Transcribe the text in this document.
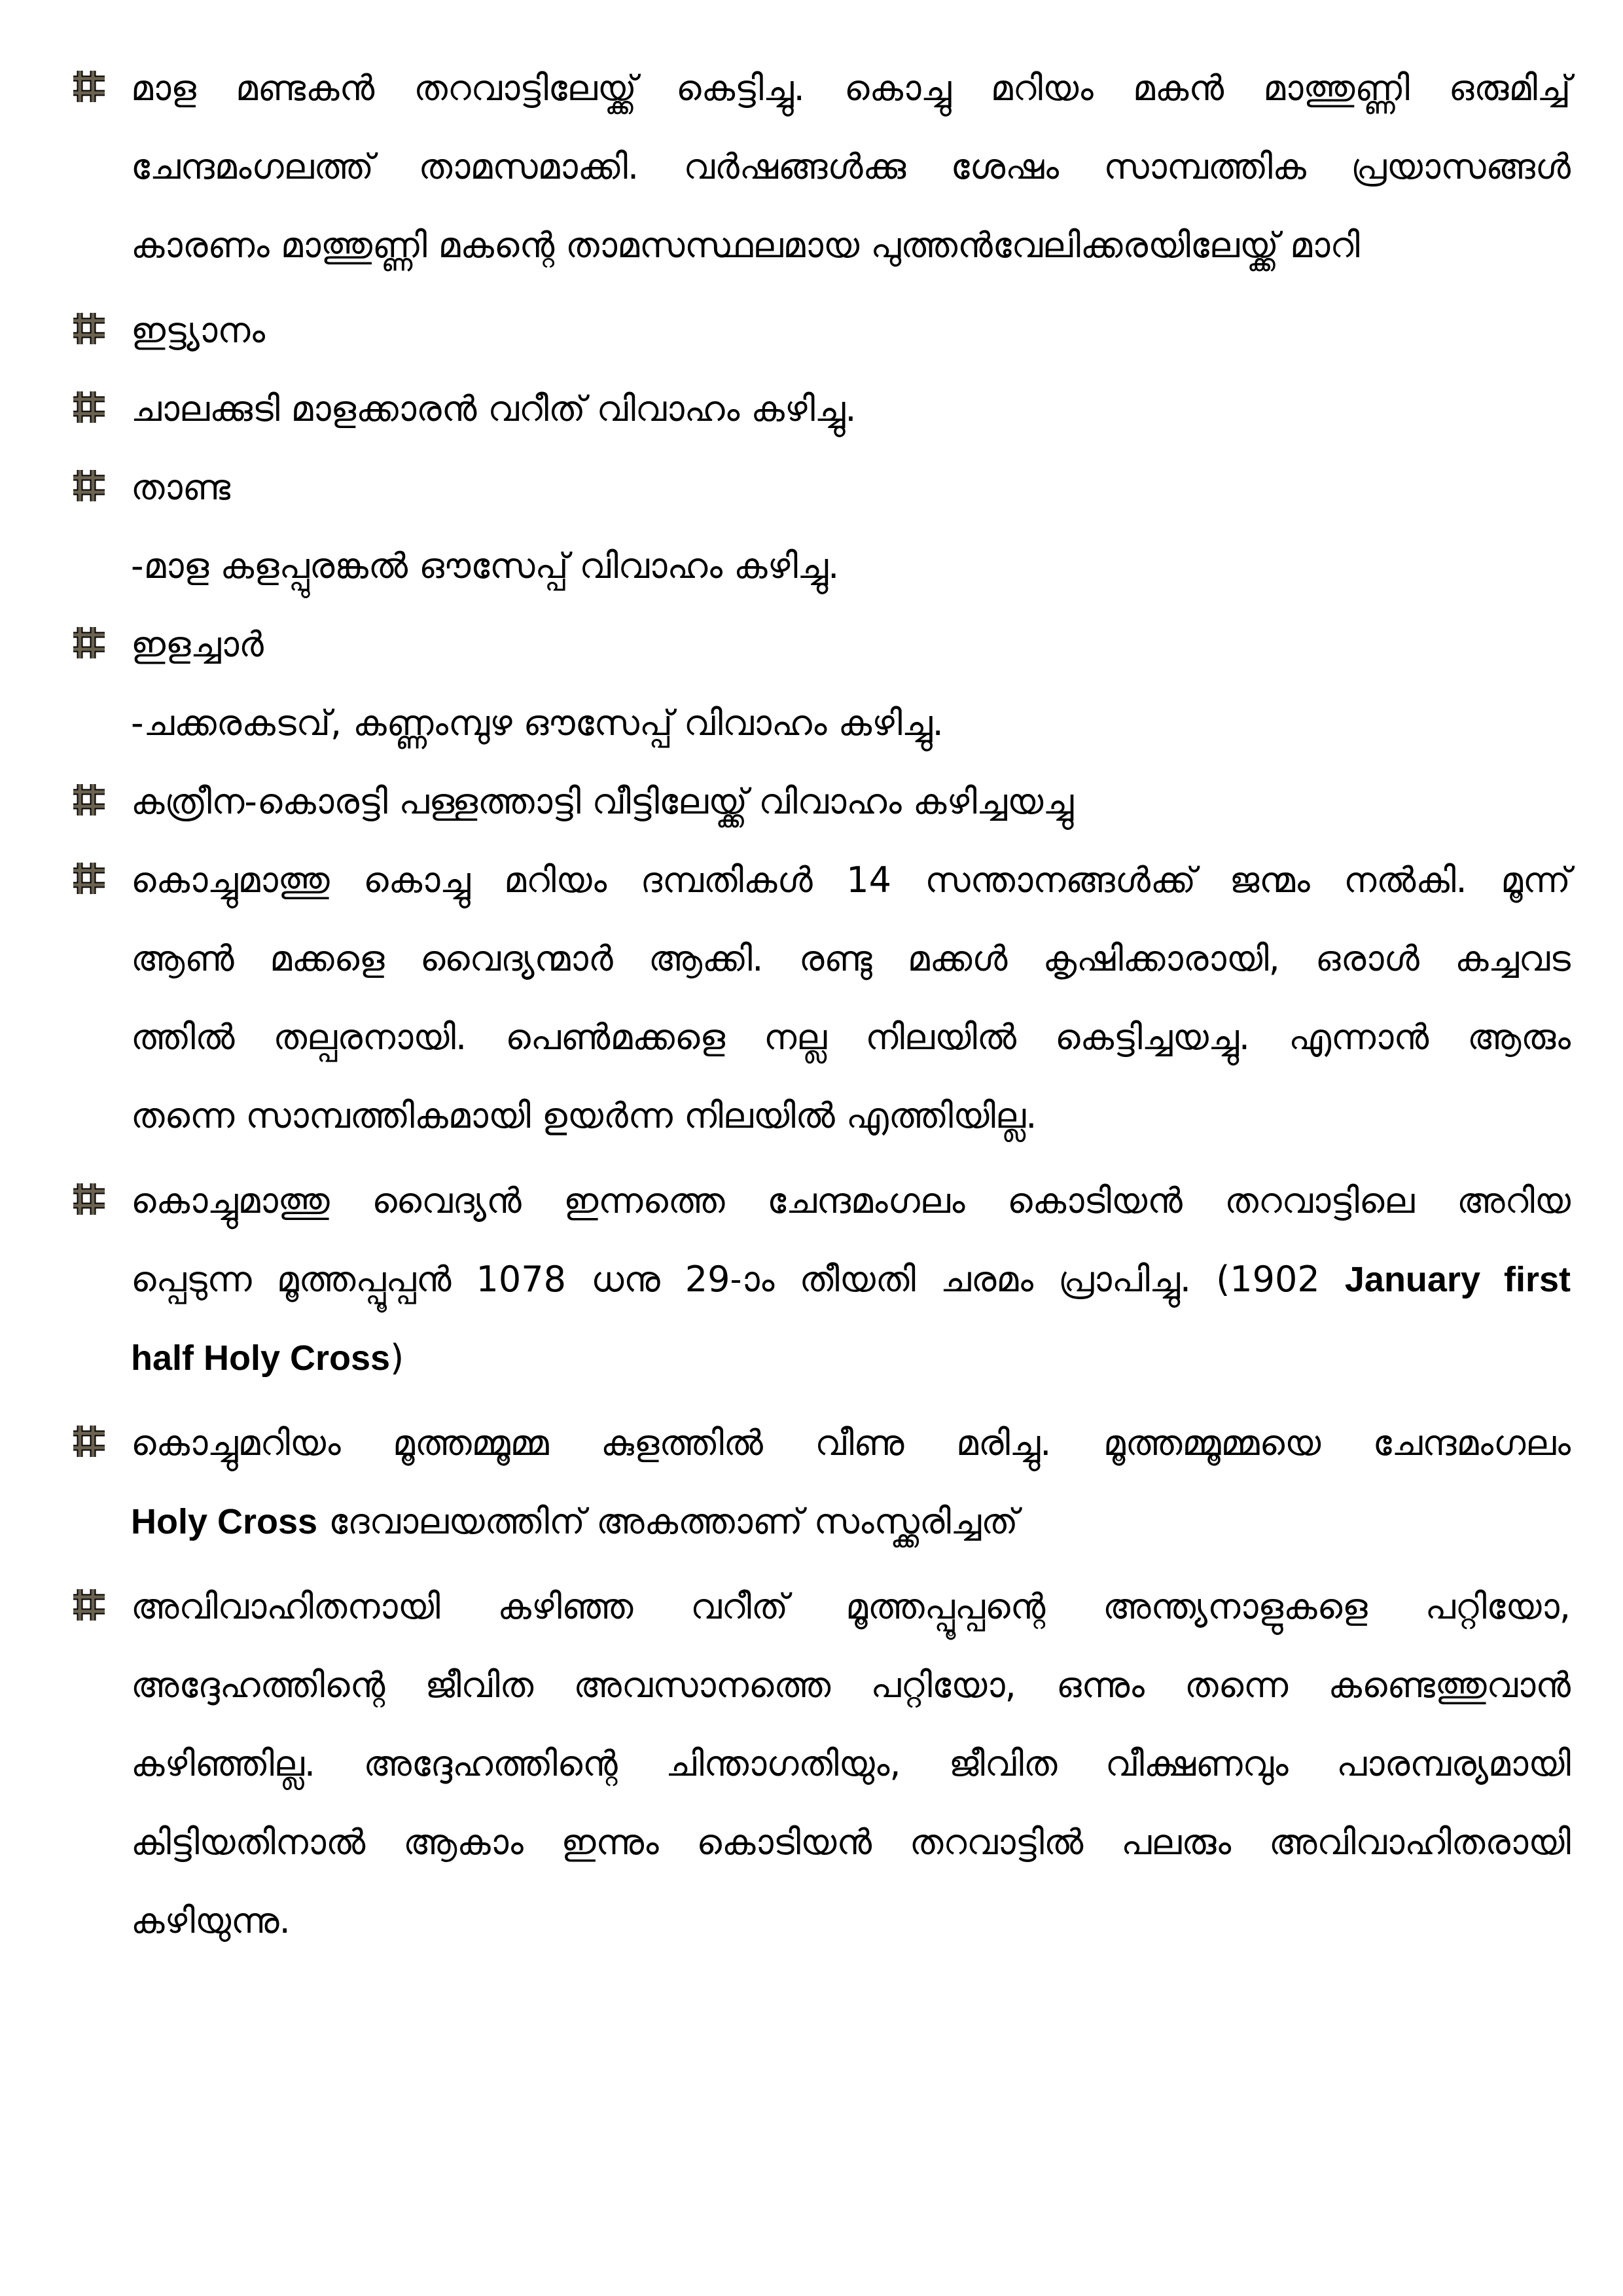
മാള മണ്ടകൻ തറവാട്ടിലേയ്ക്ക് കെട്ടിച്ചു. കൊച്ചു മറിയം മകൻ മാത്തുണ്ണി ഒരുമിച്ച്
ചേന്ദമംഗലത്ത് താമസമാക്കി. വർഷങ്ങൾക്കു ശേഷം സാമ്പത്തിക പ്രയാസങ്ങൾ
കാരണം മാത്തുണ്ണി മകന്റെ താമസസ്ഥലമായ പുത്തൻവേലിക്കരയിലേയ്ക്ക് മാറി
ഇട്ട്യാനം
ചാലക്കുടി മാളക്കാരൻ വറീത് വിവാഹം കഴിച്ചു.
താണ്ട
-മാള കളപ്പുരങ്കൽ ഔസേപ്പ് വിവാഹം കഴിച്ചു.
ഇളച്ചാർ
-ചക്കരകടവ്, കണ്ണംമ്പുഴ ഔസേപ്പ് വിവാഹം കഴിച്ചു.
കത്രീന-കൊരട്ടി പള്ളത്താട്ടി വീട്ടിലേയ്ക്ക് വിവാഹം കഴിച്ചയച്ചു
കൊച്ചുമാത്തു കൊച്ചു മറിയം ദമ്പതികൾ 14 സന്താനങ്ങൾക്ക് ജന്മം നൽകി. മൂന്ന്
ആൺ മക്കളെ വൈദ്യന്മാർ ആക്കി. രണ്ടു മക്കൾ കൃഷിക്കാരായി, ഒരാൾ കച്ചവട
ത്തിൽ തല്പരനായി. പെൺമക്കളെ നല്ല നിലയിൽ കെട്ടിച്ചയച്ചു. എന്നാൻ ആരും
തന്നെ സാമ്പത്തികമായി ഉയർന്ന നിലയിൽ എത്തിയില്ല.
കൊച്ചുമാത്തു വൈദ്യൻ ഇന്നത്തെ ചേന്ദമംഗലം കൊടിയൻ തറവാട്ടിലെ അറിയ
പ്പെടുന്ന മൂത്തപ്പൂപ്പൻ 1078 ധനു 29-ാം തീയതി ചരമം പ്രാപിച്ചു. (1902 January first
half Holy Cross)
കൊച്ചുമറിയം മൂത്തമ്മൂമ്മ കുളത്തിൽ വീണു മരിച്ചു. മൂത്തമ്മൂമ്മയെ ചേന്ദമംഗലം
Holy Cross ദേവാലയത്തിന് അകത്താണ് സംസ്ക്കരിച്ചത്
അവിവാഹിതനായി കഴിഞ്ഞ വറീത് മൂത്തപ്പൂപ്പന്റെ അന്ത്യനാളുകളെ പറ്റിയോ,
അദ്ദേഹത്തിന്റെ ജീവിത അവസാനത്തെ പറ്റിയോ, ഒന്നും തന്നെ കണ്ടെത്തുവാൻ
കഴിഞ്ഞില്ല. അദ്ദേഹത്തിന്റെ ചിന്താഗതിയും, ജീവിത വീക്ഷണവും പാരമ്പര്യമായി
കിട്ടിയതിനാൽ ആകാം ഇന്നും കൊടിയൻ തറവാട്ടിൽ പലരും അവിവാഹിതരായി
കഴിയുന്നു.
